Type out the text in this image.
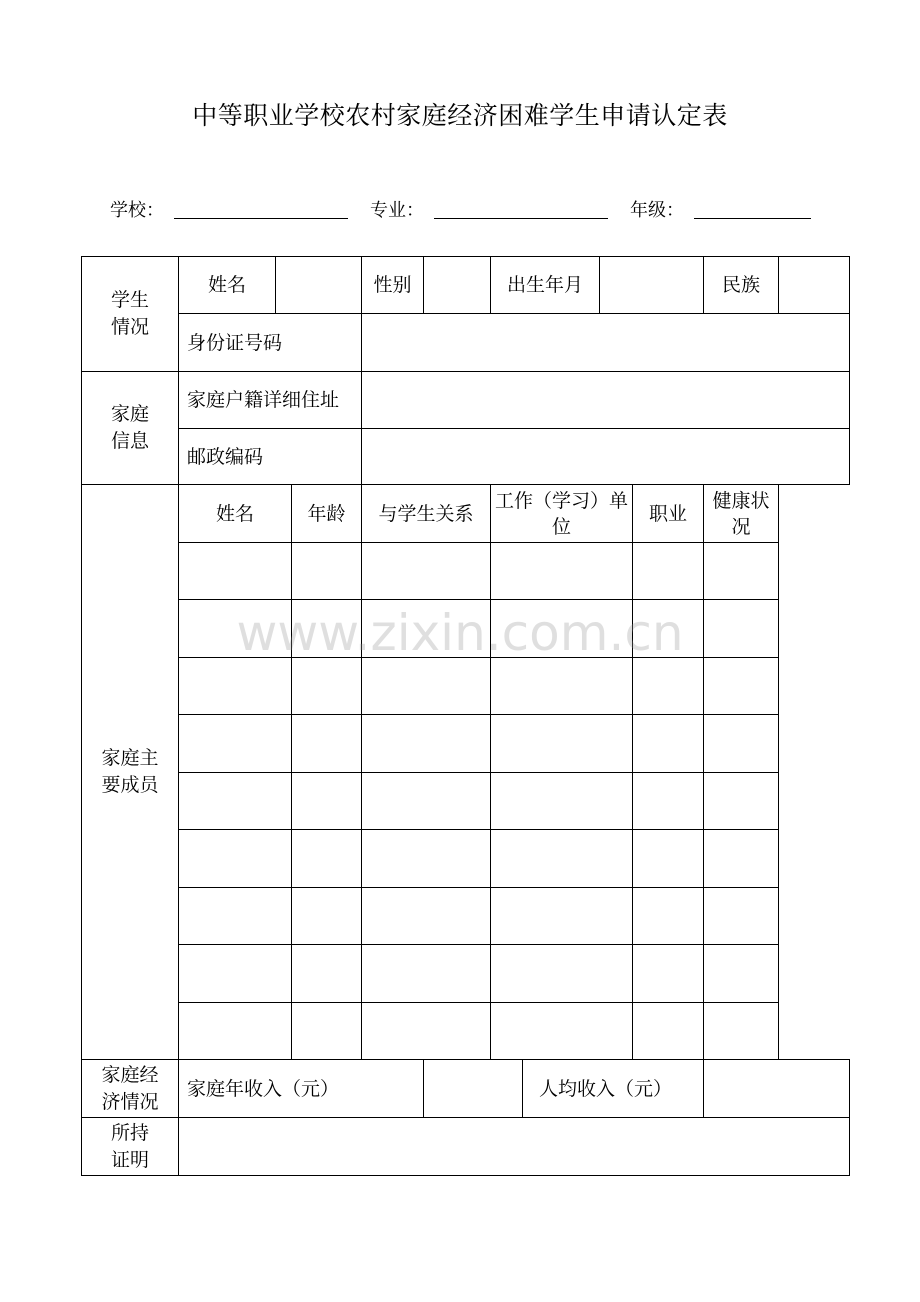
中等职业学校农村家庭经济困难学生申请认定表
学校：	专业：	年级：
学生
情况	姓名			性别		出生年月				民族	
	身份证号码										

家庭
信息	家庭户籍详细住址										
	邮政编码										

家庭主
要成员	姓名		年龄	与学生关系		工作（学习）单位			职业	健康状况	

家庭经
济情况	家庭年收入（元）						人均收入（元）				

所持
证明											

www.zixin.com.cn
